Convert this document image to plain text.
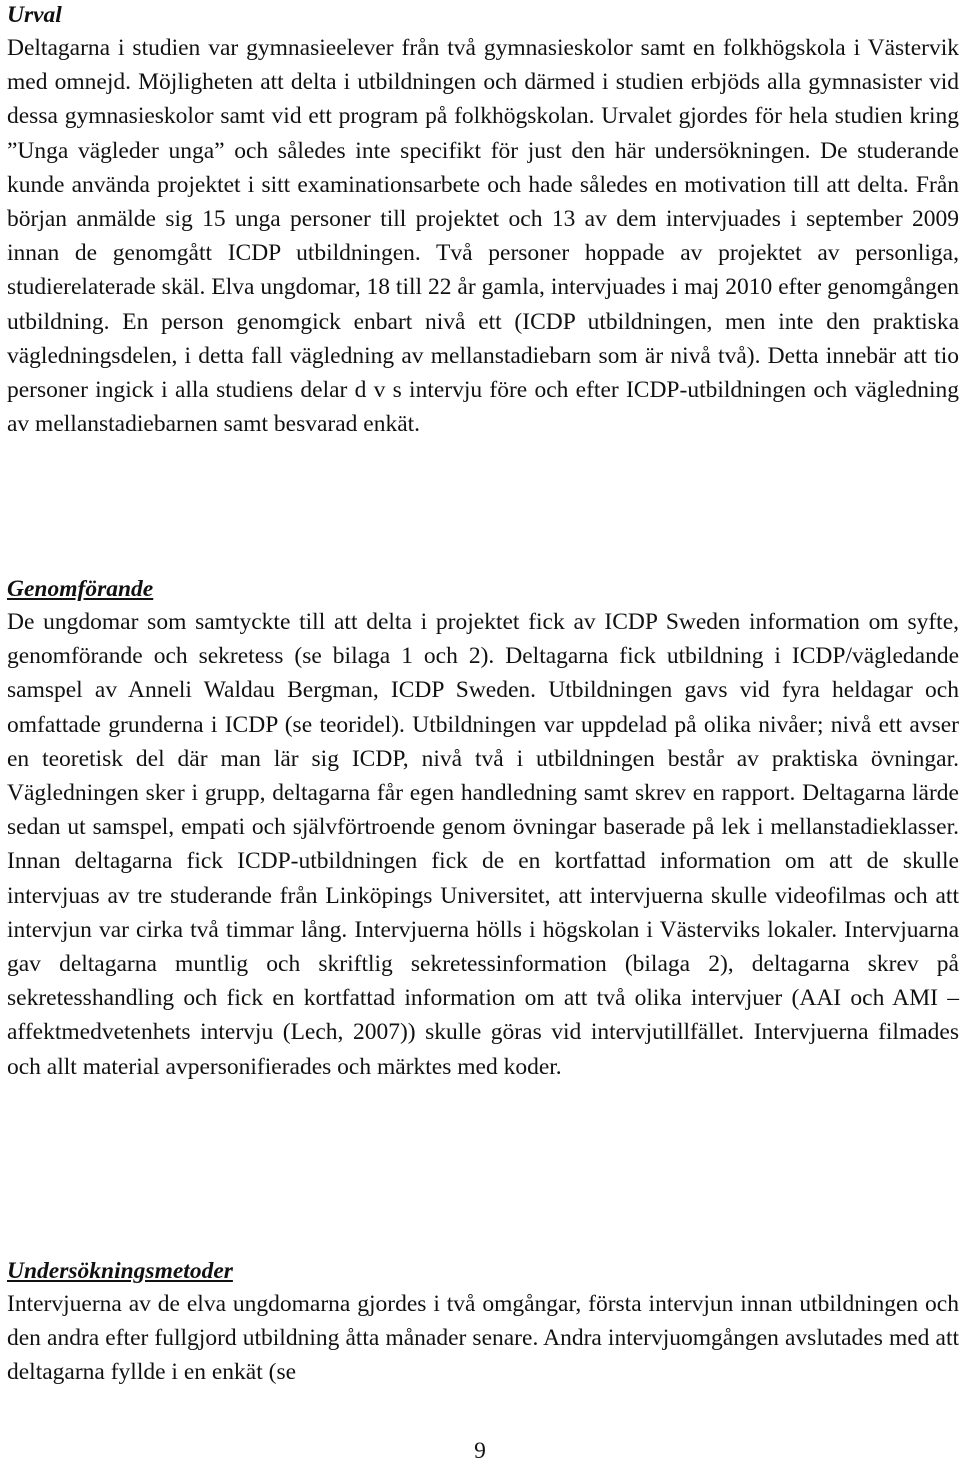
Urval

Deltagarna i studien var gymnasieelever från två gymnasieskolor samt en folkhögskola i Västervik med omnejd. Möjligheten att delta i utbildningen och därmed i studien erbjöds alla gymnasister vid dessa gymnasieskolor samt vid ett program på folkhögskolan. Urvalet gjordes för hela studien kring ”Unga vägleder unga” och således inte specifikt för just den här undersökningen. De studerande kunde använda projektet i sitt examinationsarbete och hade således en motivation till att delta. Från början anmälde sig 15 unga personer till projektet och 13 av dem intervjuades i september 2009 innan de genomgått ICDP utbildningen. Två personer hoppade av projektet av personliga, studierelaterade skäl. Elva ungdomar, 18 till 22 år gamla, intervjuades i maj 2010 efter genomgången utbildning. En person genomgick enbart nivå ett (ICDP utbildningen, men inte den praktiska vägledningsdelen, i detta fall vägledning av mellanstadiebarn som är nivå två). Detta innebär att tio personer ingick i alla studiens delar d v s intervju före och efter ICDP-utbildningen och vägledning av mellanstadiebarnen samt besvarad enkät.

Genomförande

De ungdomar som samtyckte till att delta i projektet fick av ICDP Sweden information om syfte, genomförande och sekretess (se bilaga 1 och 2). Deltagarna fick utbildning i ICDP/vägledande samspel av Anneli Waldau Bergman, ICDP Sweden. Utbildningen gavs vid fyra heldagar och omfattade grunderna i ICDP (se teoridel). Utbildningen var uppdelad på olika nivåer; nivå ett avser en teoretisk del där man lär sig ICDP, nivå två i utbildningen består av praktiska övningar. Vägledningen sker i grupp, deltagarna får egen handledning samt skrev en rapport. Deltagarna lärde sedan ut samspel, empati och självförtroende genom övningar baserade på lek i mellanstadieklasser. Innan deltagarna fick ICDP-utbildningen fick de en kortfattad information om att de skulle intervjuas av tre studerande från Linköpings Universitet, att intervjuerna skulle videofilmas och att intervjun var cirka två timmar lång. Intervjuerna hölls i högskolan i Västerviks lokaler. Intervjuarna gav deltagarna muntlig och skriftlig sekretessinformation (bilaga 2), deltagarna skrev på sekretesshandling och fick en kortfattad information om att två olika intervjuer (AAI och AMI – affektmedvetenhets intervju (Lech, 2007)) skulle göras vid intervjutillfället. Intervjuerna filmades och allt material avpersonifierades och märktes med koder.

Undersökningsmetoder

Intervjuerna av de elva ungdomarna gjordes i två omgångar, första intervjun innan utbildningen och den andra efter fullgjord utbildning åtta månader senare. Andra intervjuomgången avslutades med att deltagarna fyllde i en enkät (se

9
